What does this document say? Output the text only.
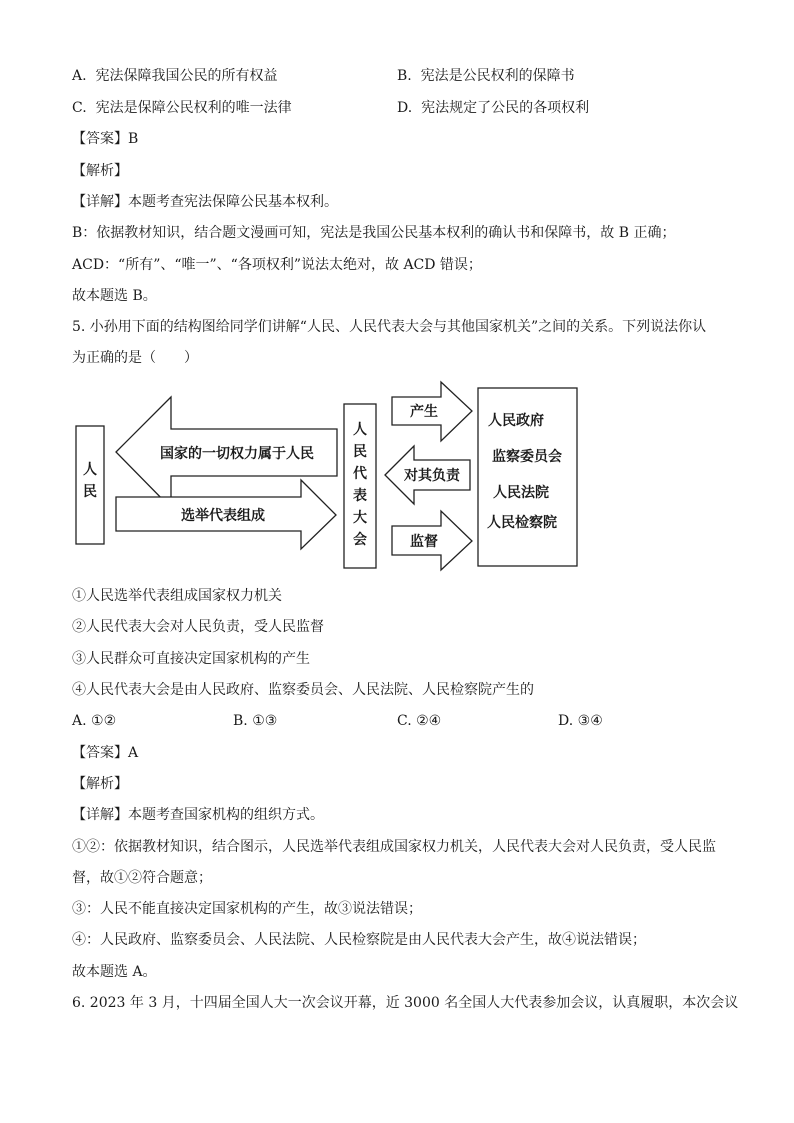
A. 宪法保障我国公民的所有权益	B. 宪法是公民权利的保障书
C. 宪法是保障公民权利的唯一法律	D. 宪法规定了公民的各项权利
【答案】B
【解析】
【详解】本题考查宪法保障公民基本权利。
B：依据教材知识，结合题文漫画可知，宪法是我国公民基本权利的确认书和保障书，故 B 正确；
ACD：“所有”、“唯一”、“各项权利”说法太绝对，故 ACD 错误；
故本题选 B。
5. 小孙用下面的结构图给同学们讲解“人民、人民代表大会与其他国家机关”之间的关系。下列说法你认
为正确的是（　　）
人民
国家的一切权力属于人民
选举代表组成
人
民
代
表
大
会
产生
对其负责
监督
人民政府
监察委员会
人民法院
人民检察院
①人民选举代表组成国家权力机关
②人民代表大会对人民负责，受人民监督
③人民群众可直接决定国家机构的产生
④人民代表大会是由人民政府、监察委员会、人民法院、人民检察院产生的
A. ①②	B. ①③	C. ②④	D. ③④
【答案】A
【解析】
【详解】本题考查国家机构的组织方式。
①②：依据教材知识，结合图示，人民选举代表组成国家权力机关，人民代表大会对人民负责，受人民监
督，故①②符合题意；
③：人民不能直接决定国家机构的产生，故③说法错误；
④：人民政府、监察委员会、人民法院、人民检察院是由人民代表大会产生，故④说法错误；
故本题选 A。
6. 2023 年 3 月，十四届全国人大一次会议开幕，近 3000 名全国人大代表参加会议，认真履职，本次会议
